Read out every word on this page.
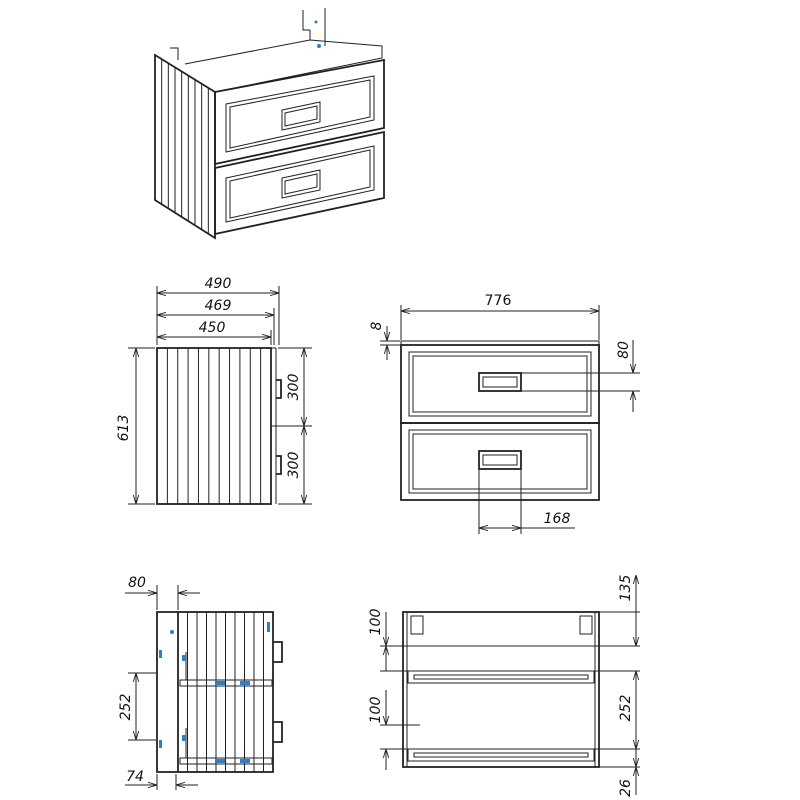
490
469
450
613
300
300
776
8
80
168
80
252
74
100
100
135
252
26
